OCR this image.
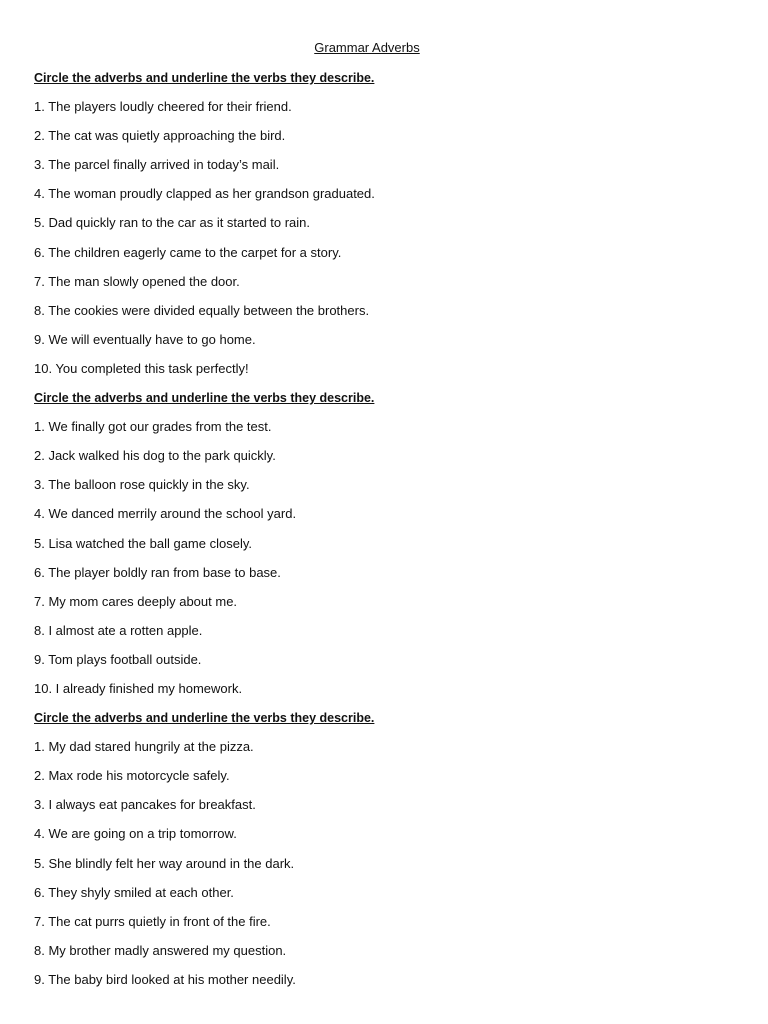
Grammar Adverbs
Circle the adverbs and underline the verbs they describe.
1. The players loudly cheered for their friend.
2. The cat was quietly approaching the bird.
3. The parcel finally arrived in today’s mail.
4. The woman proudly clapped as her grandson graduated.
5. Dad quickly ran to the car as it started to rain.
6. The children eagerly came to the carpet for a story.
7. The man slowly opened the door.
8. The cookies were divided equally between the brothers.
9. We will eventually have to go home.
10. You completed this task perfectly!
Circle the adverbs and underline the verbs they describe.
1. We finally got our grades from the test.
2. Jack walked his dog to the park quickly.
3. The balloon rose quickly in the sky.
4. We danced merrily around the school yard.
5. Lisa watched the ball game closely.
6. The player boldly ran from base to base.
7. My mom cares deeply about me.
8. I almost ate a rotten apple.
9. Tom plays football outside.
10. I already finished my homework.
Circle the adverbs and underline the verbs they describe.
1. My dad stared hungrily at the pizza.
2. Max rode his motorcycle safely.
3. I always eat pancakes for breakfast.
4. We are going on a trip tomorrow.
5. She blindly felt her way around in the dark.
6. They shyly smiled at each other.
7. The cat purrs quietly in front of the fire.
8. My brother madly answered my question.
9. The baby bird looked at his mother needily.
